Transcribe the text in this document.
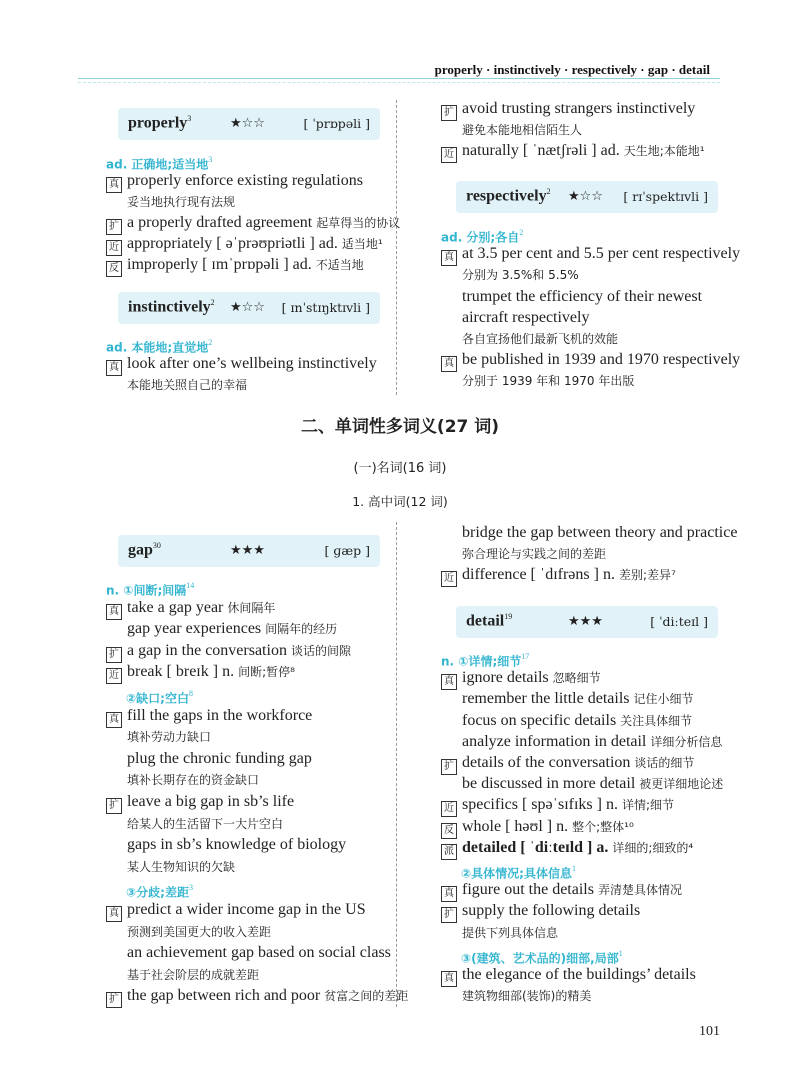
properly · instinctively · respectively · gap · detail
properly$^3$	★☆☆	[ ˈprɒpəli ]
ad. 正确地;适当地$^3$
真 properly enforce existing regulations
妥当地执行现有法规
扩 a properly drafted agreement 起草得当的协议
近 appropriately [ əˈprəʊpriətli ] ad. 适当地¹
反 improperly [ ɪmˈprɒpəli ] ad. 不适当地
instinctively$^2$ ★☆☆ [ ɪnˈstɪŋktɪvli ]
ad. 本能地;直觉地$^2$
真 look after one’s wellbeing instinctively
本能地关照自己的幸福
扩 avoid trusting strangers instinctively
避免本能地相信陌生人
近 naturally [ ˈnætʃrəli ] ad. 天生地;本能地¹
respectively$^2$ ★☆☆ [ rɪˈspektɪvli ]
ad. 分别;各自$^2$
真 at 3.5 per cent and 5.5 per cent respectively
分别为 3.5%和 5.5%
trumpet the efficiency of their newest
aircraft respectively
各自宣扬他们最新飞机的效能
真 be published in 1939 and 1970 respectively
分别于 1939 年和 1970 年出版
二、单词性多词义(27 词)
(一)名词(16 词)
1. 高中词(12 词)
gap$^{30}$	★★★	[ ɡæp ]
n. ①间断;间隔$^{14}$
真 take a gap year 休间隔年
gap year experiences 间隔年的经历
扩 a gap in the conversation 谈话的间隙
近 break [ breɪk ] n. 间断;暂停⁸
②缺口;空白$^8$
真 fill the gaps in the workforce
填补劳动力缺口
plug the chronic funding gap
填补长期存在的资金缺口
扩 leave a big gap in sb’s life
给某人的生活留下一大片空白
gaps in sb’s knowledge of biology
某人生物知识的欠缺
③分歧;差距$^3$
真 predict a wider income gap in the US
预测到美国更大的收入差距
an achievement gap based on social class
基于社会阶层的成就差距
扩 the gap between rich and poor 贫富之间的差距
bridge the gap between theory and practice
弥合理论与实践之间的差距
近 difference [ ˈdɪfrəns ] n. 差别;差异⁷
detail$^{19}$	★★★	[ ˈdiːteɪl ]
n. ①详情;细节$^{17}$
真 ignore details 忽略细节
remember the little details 记住小细节
focus on specific details 关注具体细节
analyze information in detail 详细分析信息
扩 details of the conversation 谈话的细节
be discussed in more detail 被更详细地论述
近 specifics [ spəˈsɪfɪks ] n. 详情;细节
反 whole [ həʊl ] n. 整个;整体¹⁰
派 detailed [ ˈdiːteɪld ] a. 详细的;细致的⁴
②具体情况;具体信息$^1$
真 figure out the details 弄清楚具体情况
扩 supply the following details
提供下列具体信息
③(建筑、艺术品的)细部,局部$^1$
真 the elegance of the buildings’ details
建筑物细部(装饰)的精美
101
